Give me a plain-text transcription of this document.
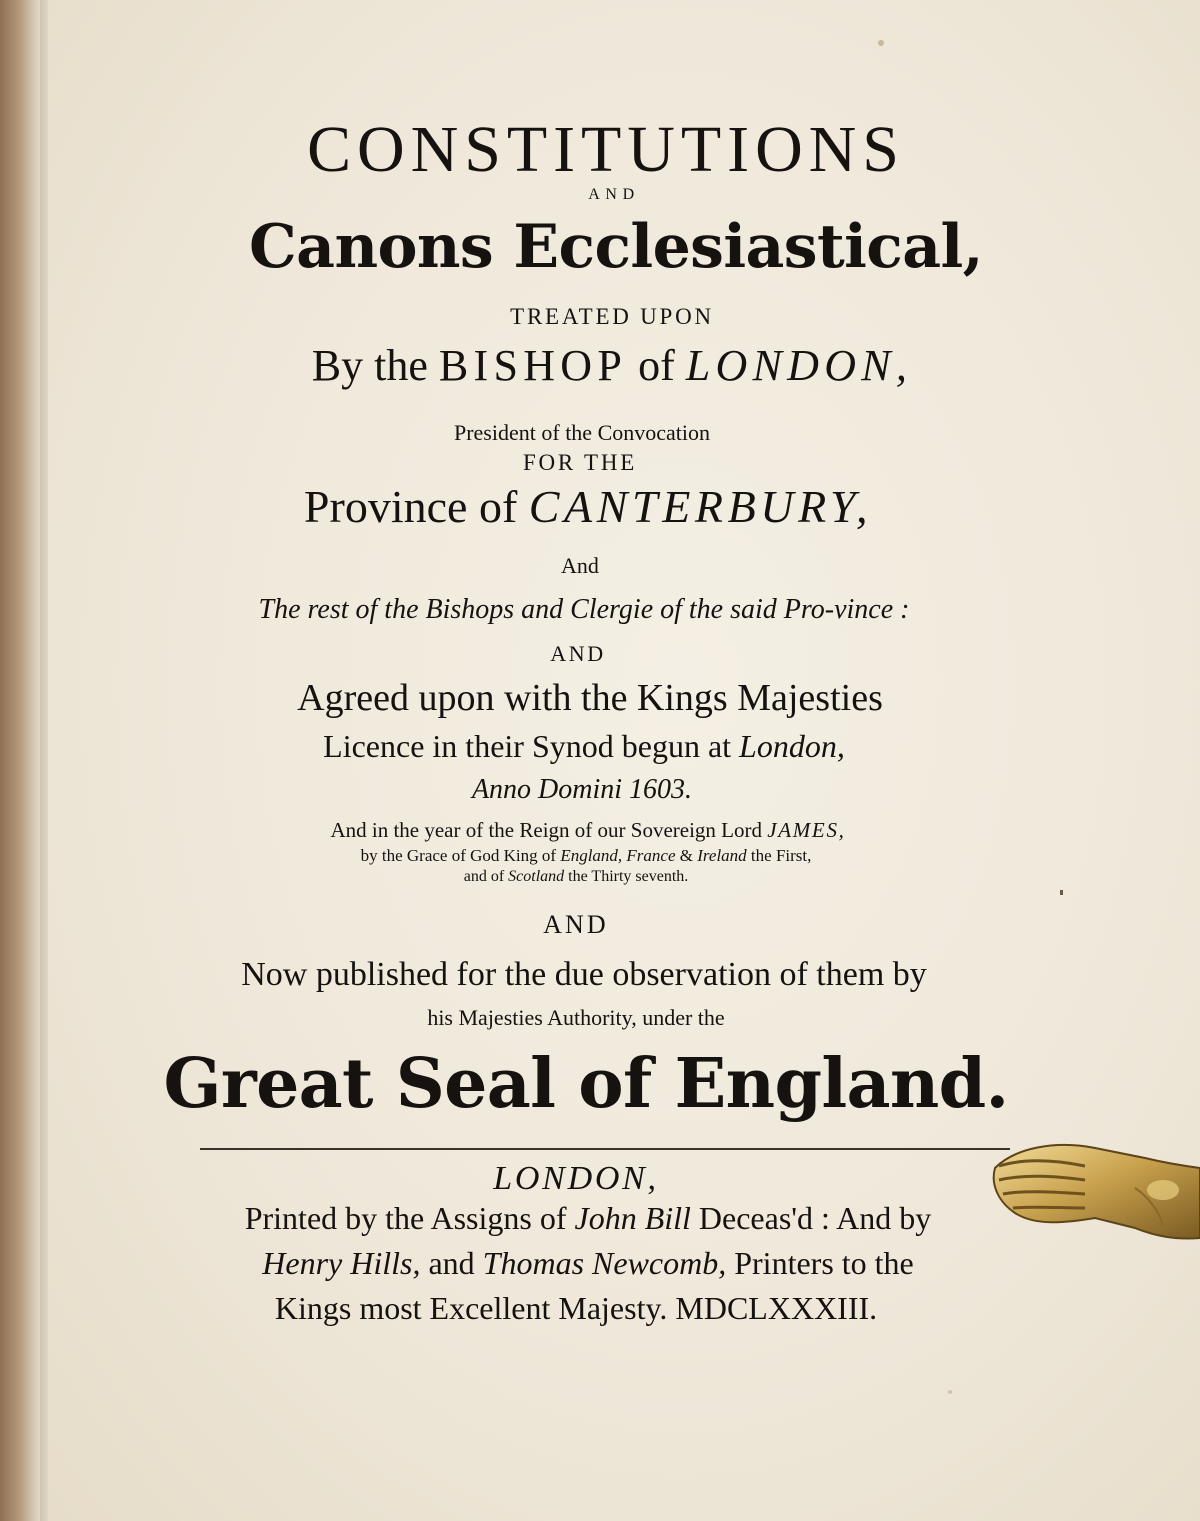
CONSTITUTIONS
AND
Canons Ecclesiastical,
TREATED UPON
By the BISHOP of LONDON,
President of the Convocation
FOR THE
Province of CANTERBURY,
And
The rest of the Bishops and Clergie of the said Pro-vince :
AND
Agreed upon with the Kings Majesties
Licence in their Synod begun at London,
Anno Domini 1603.
And in the year of the Reign of our Sovereign Lord JAMES,
by the Grace of God King of England, France & Ireland the First,
and of Scotland the Thirty seventh.
AND
Now published for the due observation of them by
his Majesties Authority, under the
Great Seal of England.
LONDON,
Printed by the Assigns of John Bill Deceas'd : And by
Henry Hills, and Thomas Newcomb, Printers to the
Kings most Excellent Majesty. MDCLXXXIII.
